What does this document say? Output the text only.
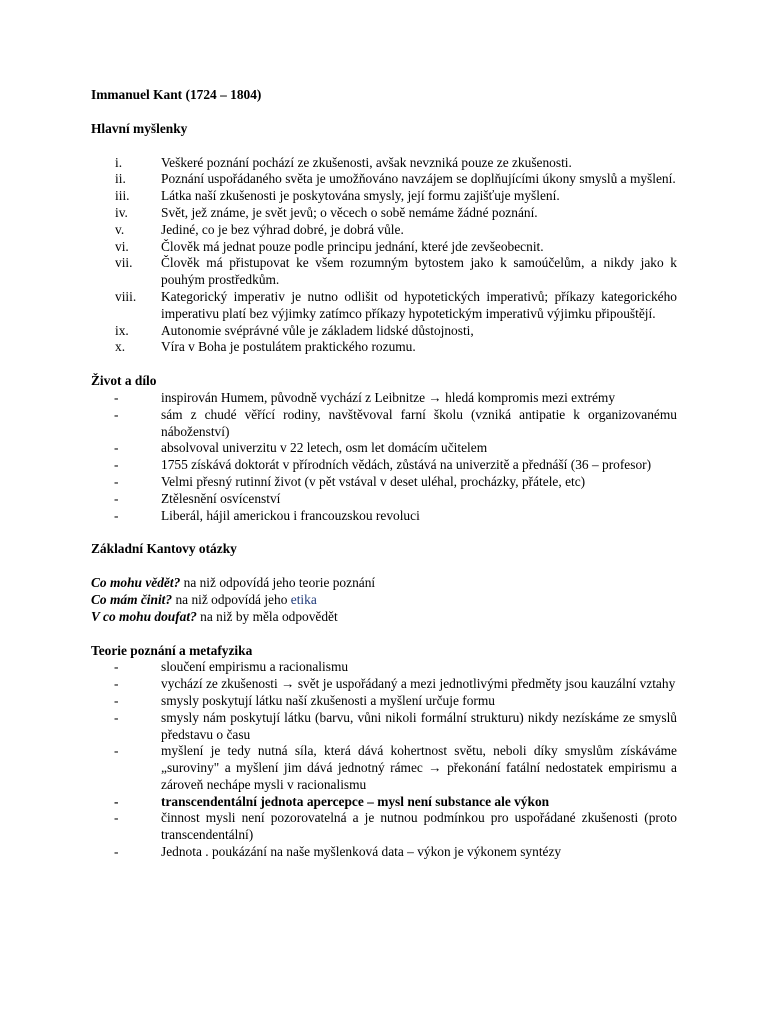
Immanuel Kant (1724 – 1804)

Hlavní myšlenky

i.	Veškeré poznání pochází ze zkušenosti, avšak nevzniká pouze ze zkušenosti.
ii.	Poznání uspořádaného světa je umožňováno navzájem se doplňujícími úkony smyslů a myšlení.
iii.	Látka naší zkušenosti je poskytována smysly, její formu zajišťuje myšlení.
iv.	Svět, jež známe, je svět jevů; o věcech o sobě nemáme žádné poznání.
v.	Jediné, co je bez výhrad dobré, je dobrá vůle.
vi.	Člověk má jednat pouze podle principu jednání, které jde zevšeobecnit.
vii.	Člověk má přistupovat ke všem rozumným bytostem jako k samoúčelům, a nikdy jako k pouhým prostředkům.
viii.	Kategorický imperativ je nutno odlišit od hypotetických imperativů; příkazy kategorického imperativu platí bez výjimky zatímco příkazy hypotetickým imperativů výjimku připouštějí.
ix.	Autonomie svéprávné vůle je základem lidské důstojnosti,
x.	Víra v Boha je postulátem praktického rozumu.

Život a dílo

-	inspirován Humem, původně vychází z Leibnitze → hledá kompromis mezi extrémy
-	sám z chudé věřící rodiny, navštěvoval farní školu (vzniká antipatie k organizovanému náboženství)
-	absolvoval univerzitu v 22 letech, osm let domácím učitelem
-	1755 získává doktorát v přírodních vědách, zůstává na univerzitě a přednáší (36 – profesor)
-	Velmi přesný rutinní život (v pět vstával v deset uléhal, procházky, přátele, etc)
-	Ztělesnění osvícenství
-	Liberál, hájil americkou i francouzskou revoluci

Základní Kantovy otázky

Co mohu vědět? na niž odpovídá jeho teorie poznání

Co mám činit? na niž odpovídá jeho etika

V co mohu doufat? na niž by měla odpovědět

Teorie poznání a metafyzika

-	sloučení empirismu a racionalismu
-	vychází ze zkušenosti → svět je uspořádaný a mezi jednotlivými předměty jsou kauzální vztahy
-	smysly poskytují látku naší zkušenosti a myšlení určuje formu
-	smysly nám poskytují látku (barvu, vůni nikoli formální strukturu) nikdy nezískáme ze smyslů představu o času
-	myšlení je tedy nutná síla, která dává kohertnost světu, neboli díky smyslům získáváme „suroviny" a myšlení jim dává jednotný rámec → překonání fatální nedostatek empirismu a zároveň nechápe mysli v racionalismu
-	transcendentální jednota apercepce – mysl není substance ale výkon
-	činnost mysli není pozorovatelná a je nutnou podmínkou pro uspořádané zkušenosti (proto transcendentální)
-	Jednota . poukázání na naše myšlenková data – výkon je výkonem syntézy
